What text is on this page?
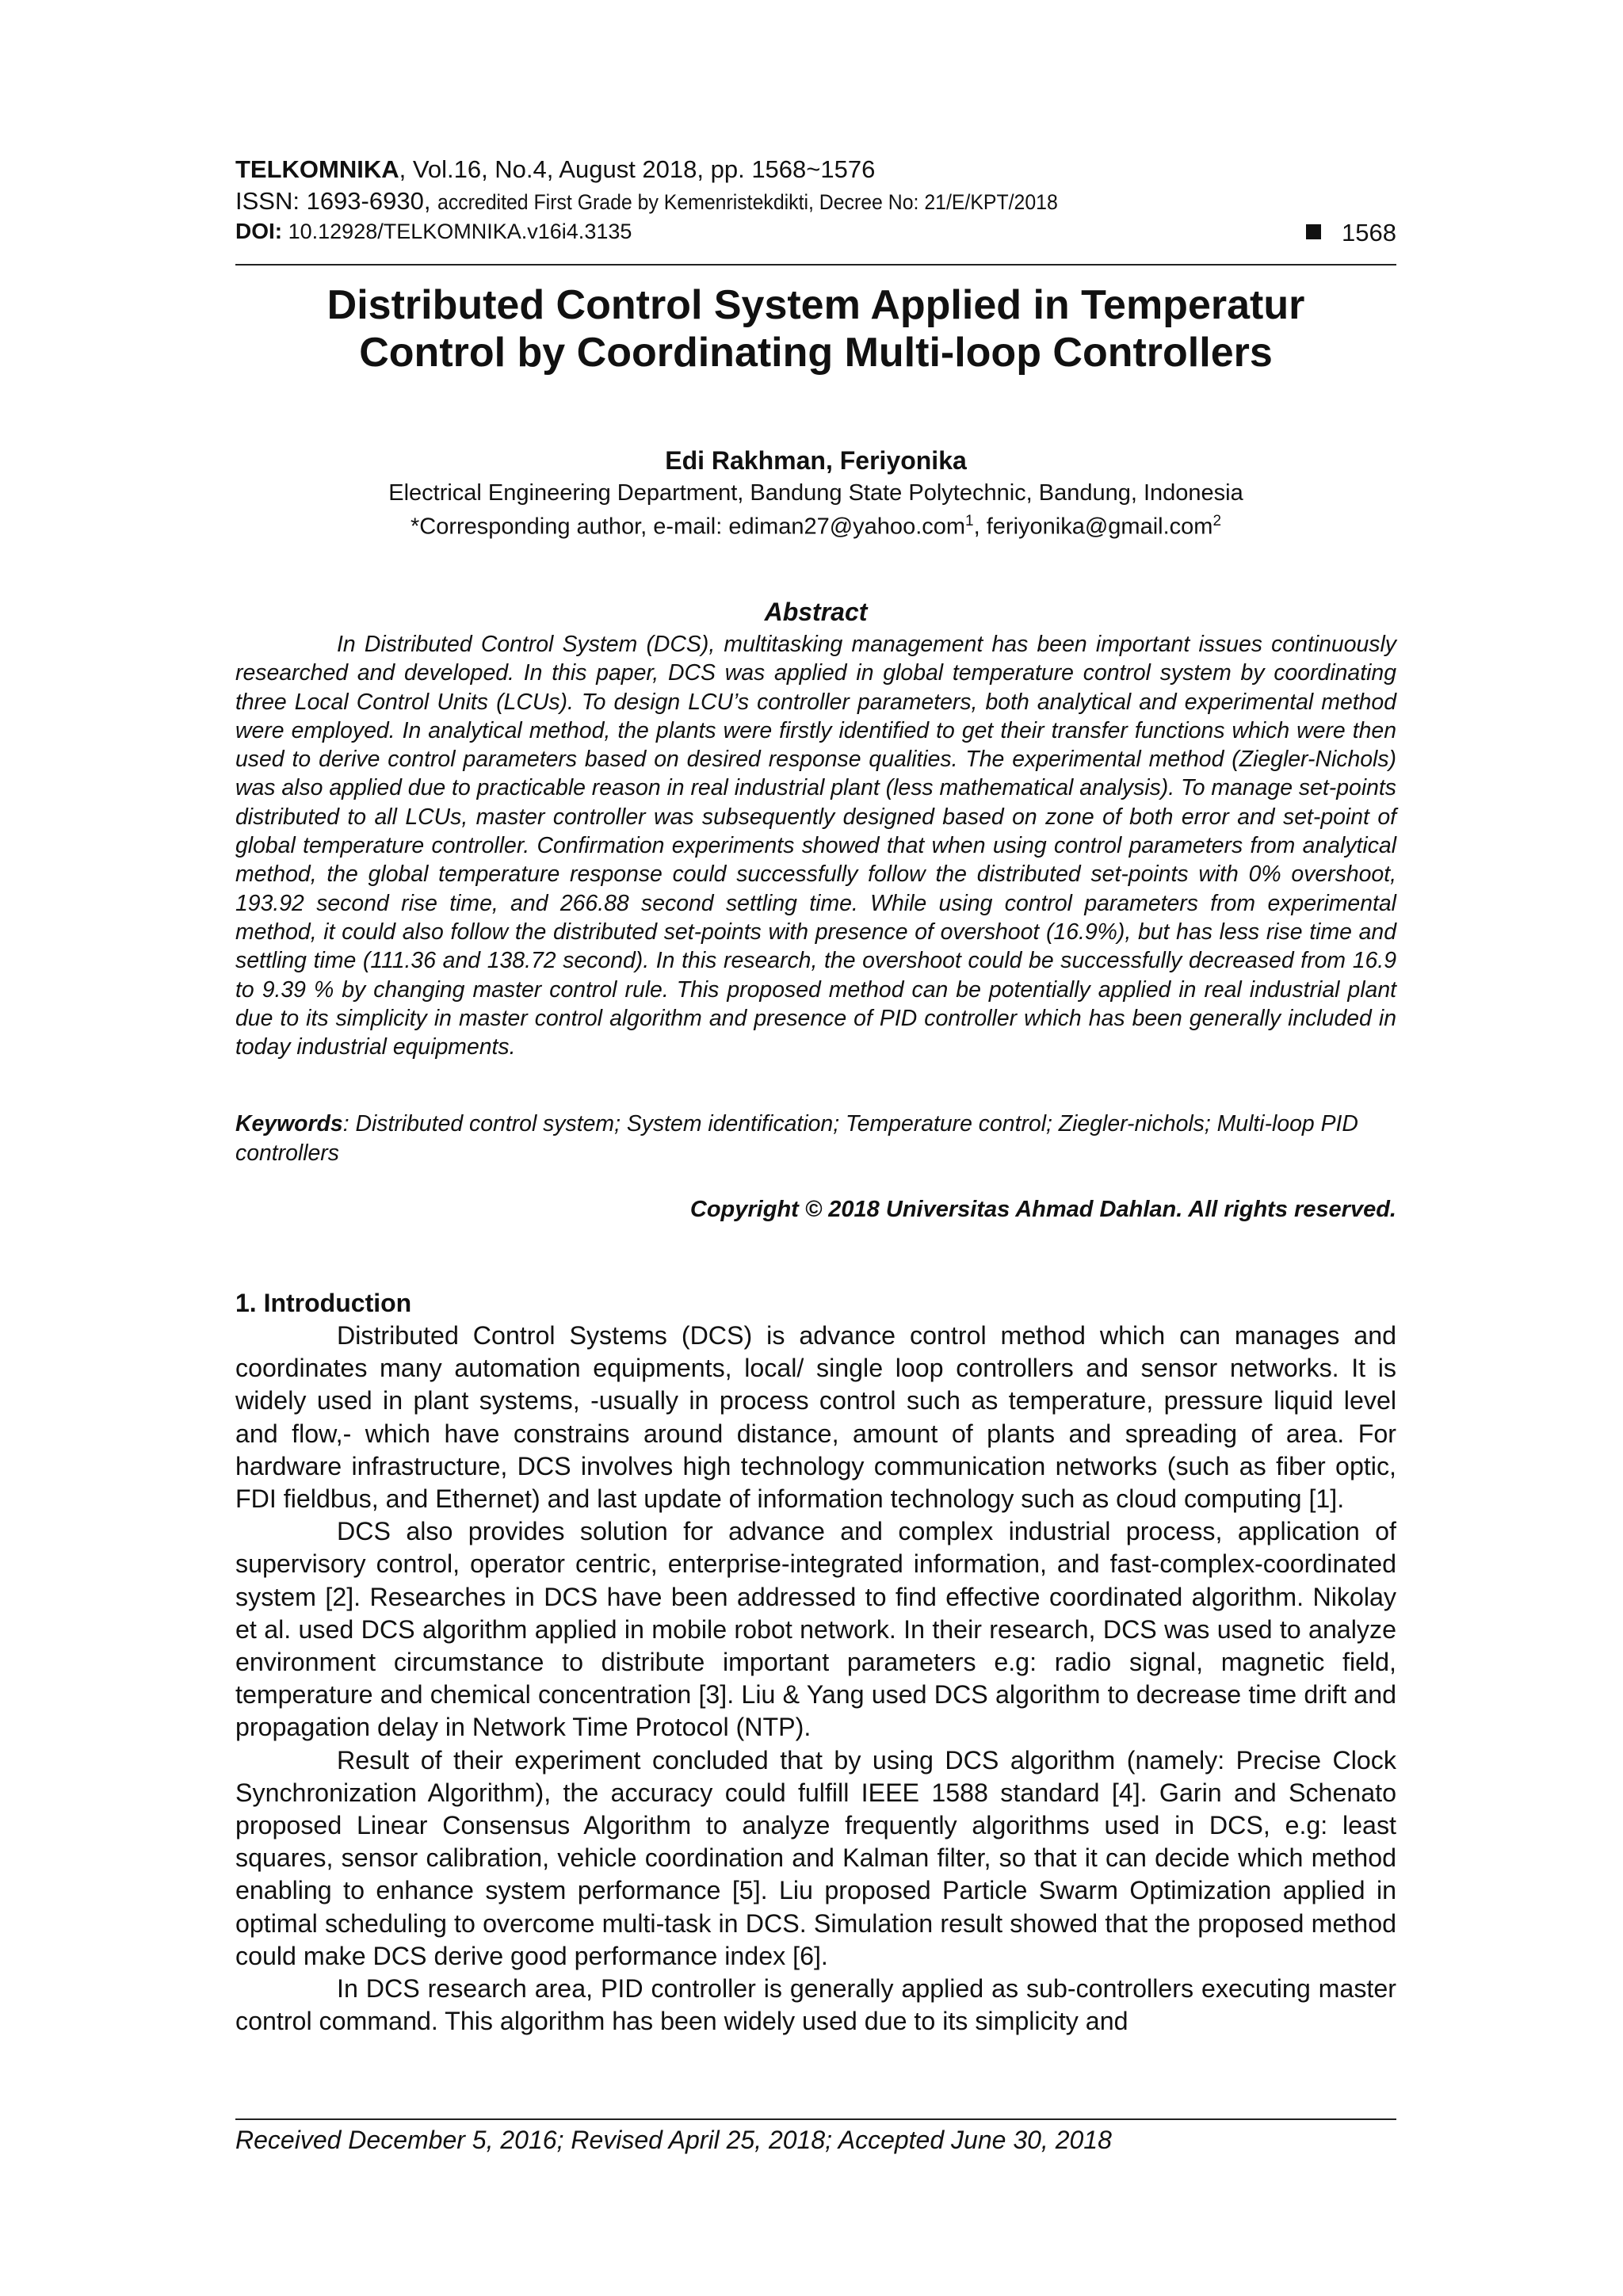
TELKOMNIKA, Vol.16, No.4, August 2018, pp. 1568~1576
ISSN: 1693-6930, accredited First Grade by Kemenristekdikti, Decree No: 21/E/KPT/2018
DOI: 10.12928/TELKOMNIKA.v16i4.3135	1568
Distributed Control System Applied in Temperatur
Control by Coordinating Multi-loop Controllers
Edi Rakhman, Feriyonika
Electrical Engineering Department, Bandung State Polytechnic, Bandung, Indonesia
*Corresponding author, e-mail: ediman27@yahoo.com$^1$, feriyonika@gmail.com$^2$
Abstract
In Distributed Control System (DCS), multitasking management has been important issues continuously researched and developed. In this paper, DCS was applied in global temperature control system by coordinating three Local Control Units (LCUs). To design LCU’s controller parameters, both analytical and experimental method were employed. In analytical method, the plants were firstly identified to get their transfer functions which were then used to derive control parameters based on desired response qualities. The experimental method (Ziegler-Nichols) was also applied due to practicable reason in real industrial plant (less mathematical analysis). To manage set-points distributed to all LCUs, master controller was subsequently designed based on zone of both error and set-point of global temperature controller. Confirmation experiments showed that when using control parameters from analytical method, the global temperature response could successfully follow the distributed set-points with 0% overshoot, 193.92 second rise time, and 266.88 second settling time. While using control parameters from experimental method, it could also follow the distributed set-points with presence of overshoot (16.9%), but has less rise time and settling time (111.36 and 138.72 second). In this research, the overshoot could be successfully decreased from 16.9 to 9.39 % by changing master control rule. This proposed method can be potentially applied in real industrial plant due to its simplicity in master control algorithm and presence of PID controller which has been generally included in today industrial equipments.
Keywords: Distributed control system; System identification; Temperature control; Ziegler-nichols; Multi-loop PID controllers
Copyright © 2018 Universitas Ahmad Dahlan. All rights reserved.
1. Introduction

Distributed Control Systems (DCS) is advance control method which can manages and coordinates many automation equipments, local/ single loop controllers and sensor networks. It is widely used in plant systems, -usually in process control such as temperature, pressure liquid level and flow,- which have constrains around distance, amount of plants and spreading of area. For hardware infrastructure, DCS involves high technology communication networks (such as fiber optic, FDI fieldbus, and Ethernet) and last update of information technology such as cloud computing [1].

DCS also provides solution for advance and complex industrial process, application of supervisory control, operator centric, enterprise-integrated information, and fast-complex-coordinated system [2]. Researches in DCS have been addressed to find effective coordinated algorithm. Nikolay et al. used DCS algorithm applied in mobile robot network. In their research, DCS was used to analyze environment circumstance to distribute important parameters e.g: radio signal, magnetic field, temperature and chemical concentration [3]. Liu & Yang used DCS algorithm to decrease time drift and propagation delay in Network Time Protocol (NTP).

Result of their experiment concluded that by using DCS algorithm (namely: Precise Clock Synchronization Algorithm), the accuracy could fulfill IEEE 1588 standard [4]. Garin and Schenato proposed Linear Consensus Algorithm to analyze frequently algorithms used in DCS, e.g: least squares, sensor calibration, vehicle coordination and Kalman filter, so that it can decide which method enabling to enhance system performance [5]. Liu proposed Particle Swarm Optimization applied in optimal scheduling to overcome multi-task in DCS. Simulation result showed that the proposed method could make DCS derive good performance index [6].

In DCS research area, PID controller is generally applied as sub-controllers executing master control command. This algorithm has been widely used due to its simplicity and

Received December 5, 2016; Revised April 25, 2018; Accepted June 30, 2018
